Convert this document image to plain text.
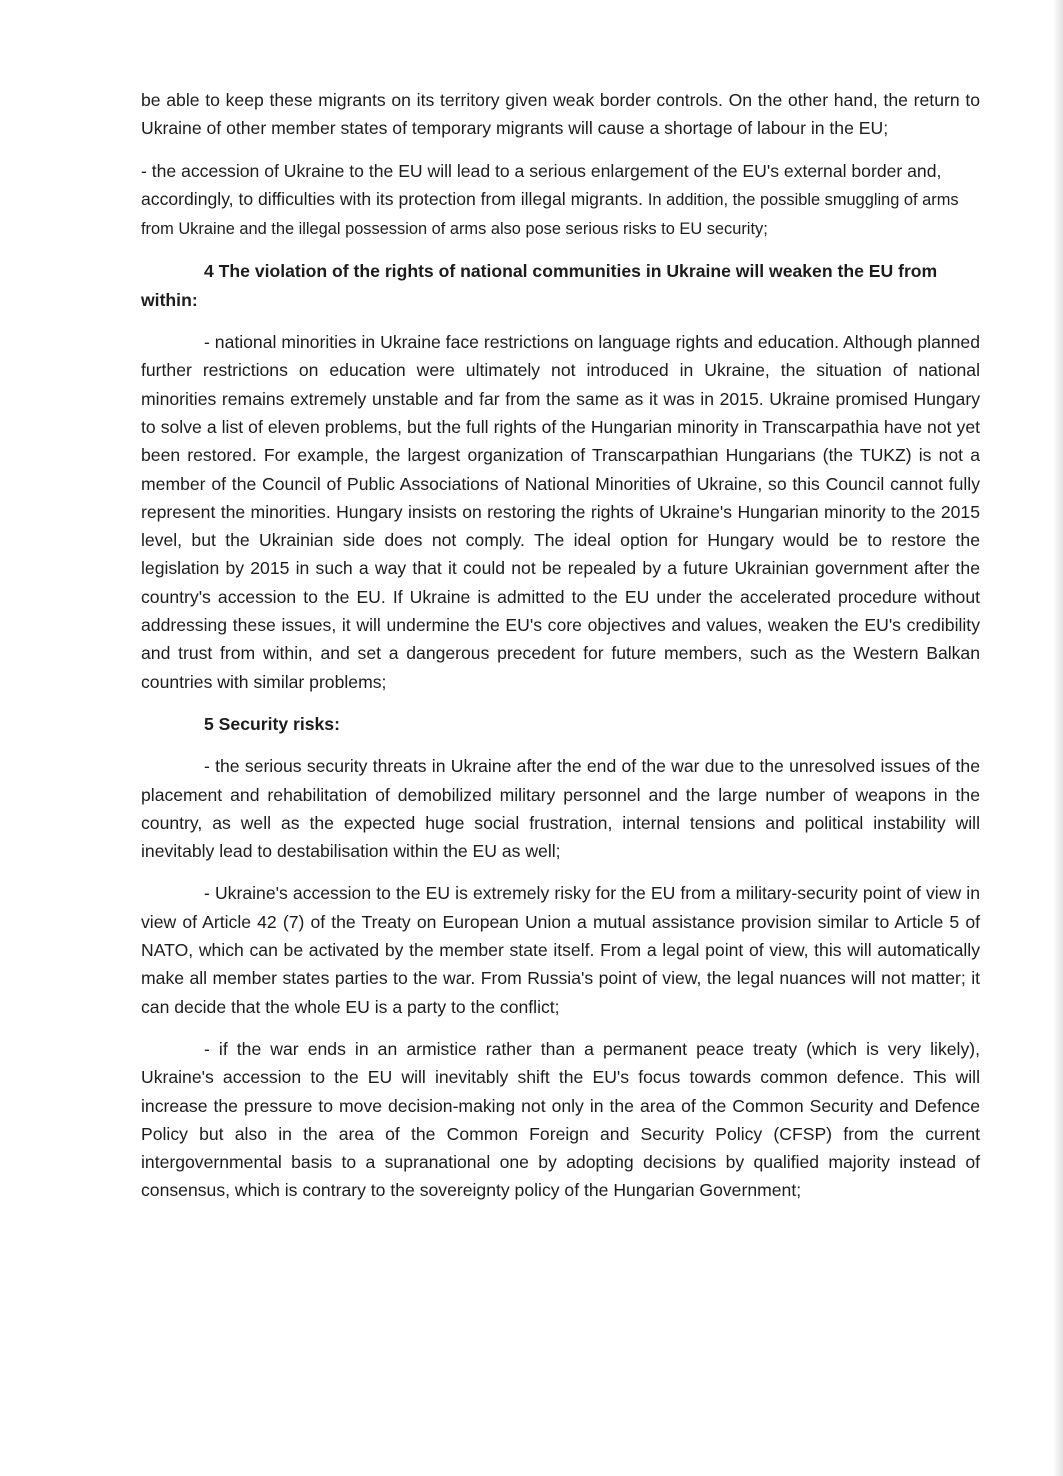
be able to keep these migrants on its territory given weak border controls. On the other hand, the return to Ukraine of other member states of temporary migrants will cause a shortage of labour in the EU;

- the accession of Ukraine to the EU will lead to a serious enlargement of the EU's external border and, accordingly, to difficulties with its protection from illegal migrants. In addition, the possible smuggling of arms from Ukraine and the illegal possession of arms also pose serious risks to EU security;

4 The violation of the rights of national communities in Ukraine will weaken the EU from within:

- national minorities in Ukraine face restrictions on language rights and education. Although planned further restrictions on education were ultimately not introduced in Ukraine, the situation of national minorities remains extremely unstable and far from the same as it was in 2015. Ukraine promised Hungary to solve a list of eleven problems, but the full rights of the Hungarian minority in Transcarpathia have not yet been restored. For example, the largest organization of Transcarpathian Hungarians (the TUKZ) is not a member of the Council of Public Associations of National Minorities of Ukraine, so this Council cannot fully represent the minorities. Hungary insists on restoring the rights of Ukraine's Hungarian minority to the 2015 level, but the Ukrainian side does not comply. The ideal option for Hungary would be to restore the legislation by 2015 in such a way that it could not be repealed by a future Ukrainian government after the country's accession to the EU. If Ukraine is admitted to the EU under the accelerated procedure without addressing these issues, it will undermine the EU's core objectives and values, weaken the EU's credibility and trust from within, and set a dangerous precedent for future members, such as the Western Balkan countries with similar problems;

5 Security risks:

- the serious security threats in Ukraine after the end of the war due to the unresolved issues of the placement and rehabilitation of demobilized military personnel and the large number of weapons in the country, as well as the expected huge social frustration, internal tensions and political instability will inevitably lead to destabilisation within the EU as well;

- Ukraine's accession to the EU is extremely risky for the EU from a military-security point of view in view of Article 42 (7) of the Treaty on European Union a mutual assistance provision similar to Article 5 of NATO, which can be activated by the member state itself. From a legal point of view, this will automatically make all member states parties to the war. From Russia's point of view, the legal nuances will not matter; it can decide that the whole EU is a party to the conflict;

- if the war ends in an armistice rather than a permanent peace treaty (which is very likely), Ukraine's accession to the EU will inevitably shift the EU's focus towards common defence. This will increase the pressure to move decision-making not only in the area of the Common Security and Defence Policy but also in the area of the Common Foreign and Security Policy (CFSP) from the current intergovernmental basis to a supranational one by adopting decisions by qualified majority instead of consensus, which is contrary to the sovereignty policy of the Hungarian Government;
